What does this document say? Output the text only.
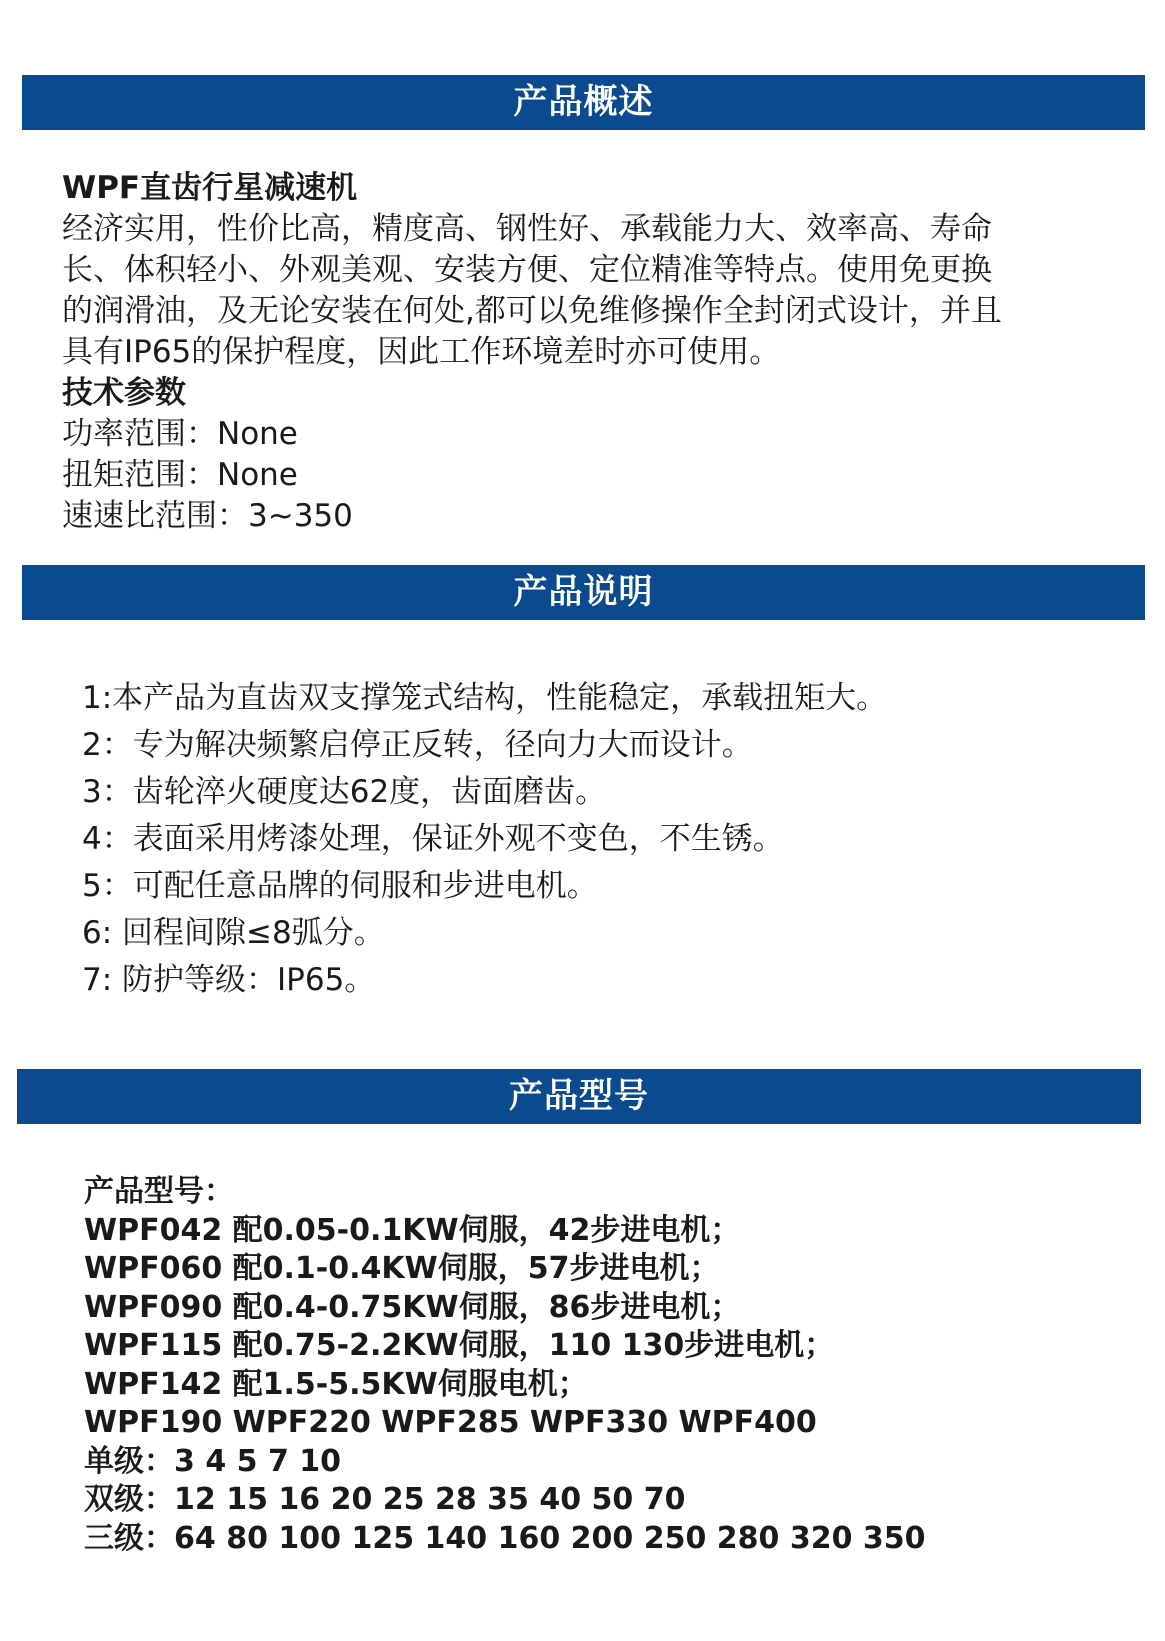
产品概述
WPF直齿行星减速机
经济实用，性价比高，精度高、钢性好、承载能力大、效率高、寿命
长、体积轻小、外观美观、安装方便、定位精准等特点。使用免更换
的润滑油，及无论安装在何处,都可以免维修操作全封闭式设计，并且
具有IP65的保护程度，因此工作环境差时亦可使用。
技术参数
功率范围：None
扭矩范围：None
速速比范围：3~350
产品说明
1:本产品为直齿双支撑笼式结构，性能稳定，承载扭矩大。
2：专为解决频繁启停正反转，径向力大而设计。
3：齿轮淬火硬度达62度，齿面磨齿。
4：表面采用烤漆处理，保证外观不变色，不生锈。
5：可配任意品牌的伺服和步进电机。
6: 回程间隙≤8弧分。
7: 防护等级：IP65。
产品型号
产品型号：
WPF042 配0.05-0.1KW伺服，42步进电机；
WPF060 配0.1-0.4KW伺服，57步进电机；
WPF090 配0.4-0.75KW伺服，86步进电机；
WPF115 配0.75-2.2KW伺服，110 130步进电机；
WPF142 配1.5-5.5KW伺服电机；
WPF190 WPF220 WPF285 WPF330 WPF400
单级：3 4 5 7 10
双级：12 15 16 20 25 28 35 40 50 70
三级：64 80 100 125 140 160 200 250 280 320 350
